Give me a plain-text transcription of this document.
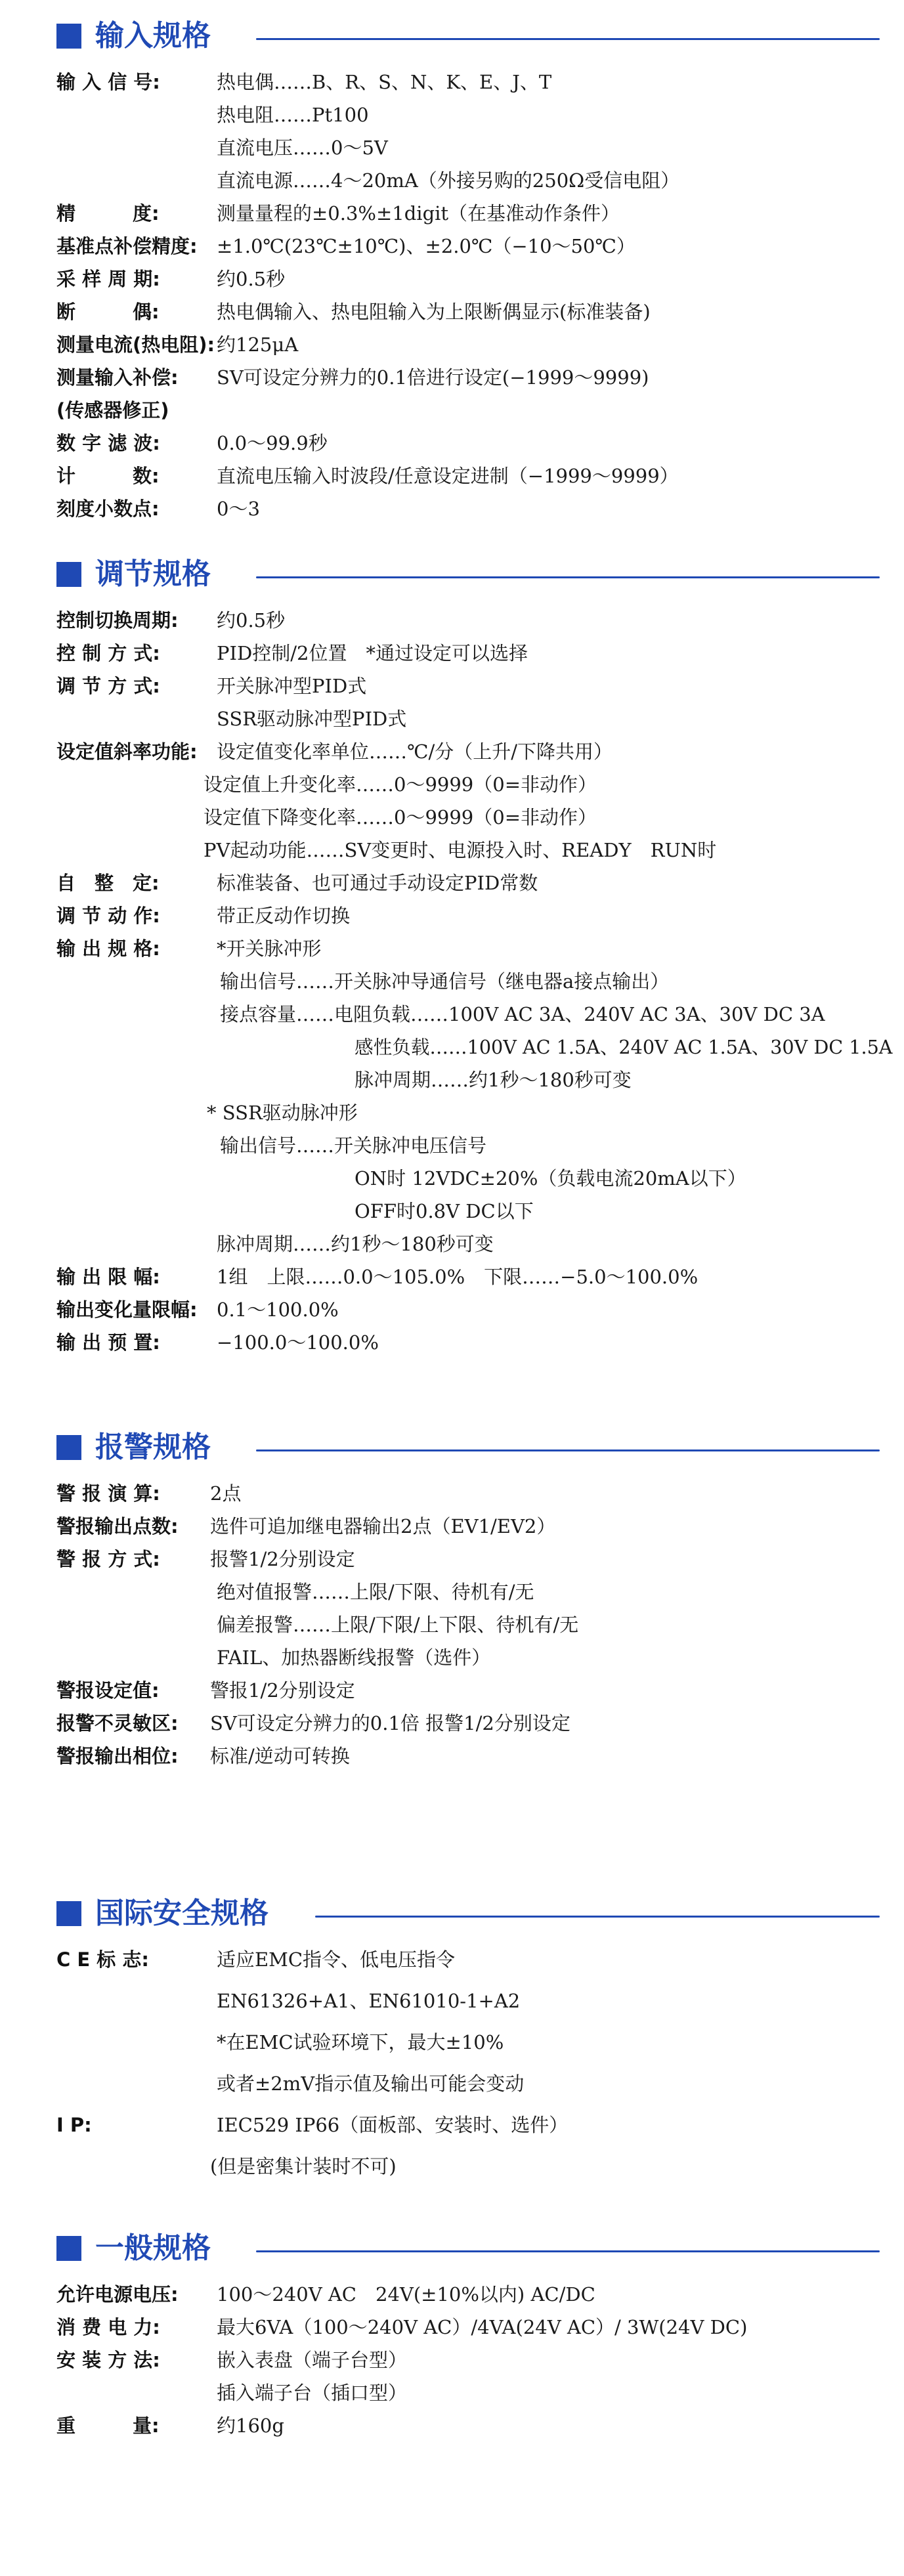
输入规格
输 入 信 号:	热电偶……B、R、S、N、K、E、J、T
热电阻……Pt100
直流电压……0～5V
直流电源……4～20mA（外接另购的250Ω受信电阻）
精　　　度:	测量量程的±0.3%±1digit（在基准动作条件）
基准点补偿精度: ±1.0℃(23℃±10℃)、±2.0℃（−10～50℃）
采 样 周 期:	约0.5秒
断　　　偶:	热电偶输入、热电阻输入为上限断偶显示(标准装备)
测量电流(热电阻): 约125μA
测量输入补偿: SV可设定分辨力的0.1倍进行设定(−1999～9999)
(传感器修正)
数 字 滤 波:	0.0～99.9秒
计　　　数:	直流电压输入时波段/任意设定进制（−1999～9999）
刻度小数点:	0～3
调节规格
控制切换周期: 约0.5秒
控 制 方 式:	PID控制/2位置　*通过设定可以选择
调 节 方 式:	开关脉冲型PID式
SSR驱动脉冲型PID式
设定值斜率功能: 设定值变化率单位……℃/分（上升/下降共用）
设定值上升变化率……0～9999（0=非动作）
设定值下降变化率……0～9999（0=非动作）
PV起动功能……SV变更时、电源投入时、READY　RUN时
自　整　定:	标准装备、也可通过手动设定PID常数
调 节 动 作:	带正反动作切换
输 出 规 格:	*开关脉冲形
输出信号……开关脉冲导通信号（继电器a接点输出）
接点容量……电阻负载……100V AC 3A、240V AC 3A、30V DC 3A
感性负载……100V AC 1.5A、240V AC 1.5A、30V DC 1.5A
脉冲周期……约1秒～180秒可变
* SSR驱动脉冲形
输出信号……开关脉冲电压信号
ON时 12VDC±20%（负载电流20mA以下）
OFF时0.8V DC以下
脉冲周期……约1秒～180秒可变
输 出 限 幅:	1组　上限……0.0～105.0%　下限……−5.0～100.0%
输出变化量限幅: 0.1～100.0%
输 出 预 置:	−100.0～100.0%
报警规格
警 报 演 算:	2点
警报输出点数: 选件可追加继电器输出2点（EV1/EV2）
警 报 方 式:	报警1/2分别设定
绝对值报警……上限/下限、待机有/无
偏差报警……上限/下限/上下限、待机有/无
FAIL、加热器断线报警（选件）
警报设定值:	警报1/2分别设定
报警不灵敏区: SV可设定分辨力的0.1倍 报警1/2分别设定
警报输出相位: 标准/逆动可转换
国际安全规格
C E 标 志:	适应EMC指令、低电压指令
EN61326+A1、EN61010-1+A2
*在EMC试验环境下，最大±10%
或者±2mV指示值及输出可能会变动
I P:	IEC529 IP66（面板部、安装时、选件）
(但是密集计装时不可)
一般规格
允许电源电压: 100～240V AC　24V(±10%以内) AC/DC
消 费 电 力:	最大6VA（100～240V AC）/4VA(24V AC）/ 3W(24V DC)
安 装 方 法:	嵌入表盘（端子台型）
插入端子台（插口型）
重　　　量:	约160g
